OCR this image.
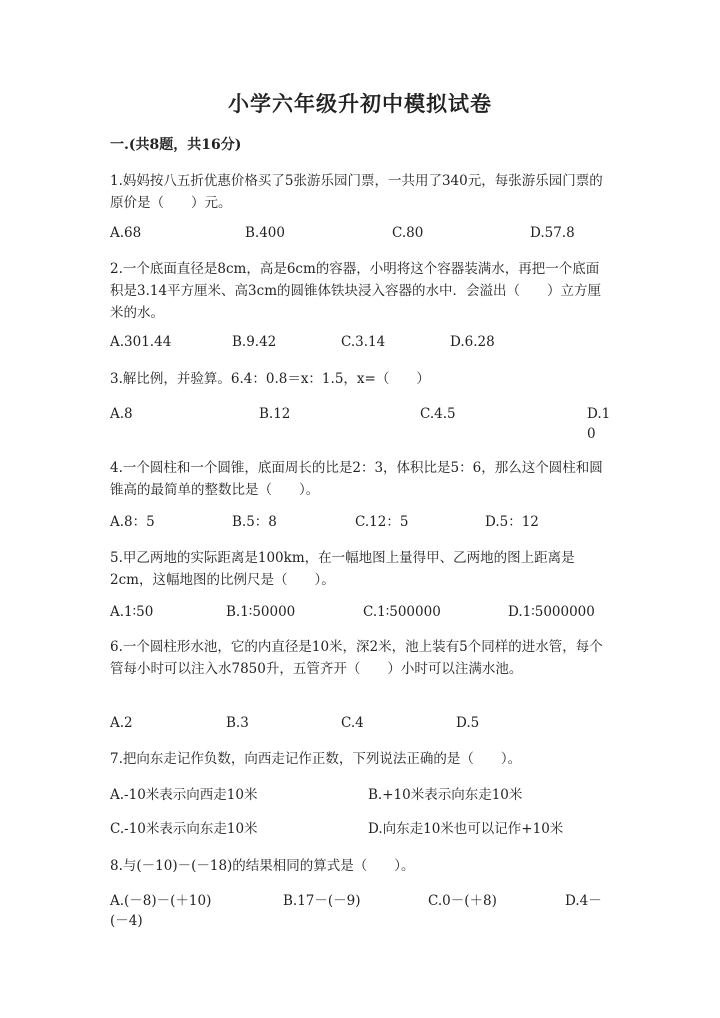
小学六年级升初中模拟试卷
一.(共8题，共16分)
1.妈妈按八五折优惠价格买了5张游乐园门票，一共用了340元，每张游乐园门票的原价是（　　）元。
A.68	B.400	C.80	D.57.8
2.一个底面直径是8cm，高是6cm的容器，小明将这个容器装满水，再把一个底面积是3.14平方厘米、高3cm的圆锥体铁块浸入容器的水中．会溢出（　　）立方厘米的水。
A.301.44	B.9.42	C.3.14	D.6.28
3.解比例，并验算。6.4：0.8＝x：1.5，x=（　　）
A.8	B.12	C.4.5	D.10
4.一个圆柱和一个圆锥，底面周长的比是2：3，体积比是5：6，那么这个圆柱和圆锥高的最简单的整数比是（　　）。
A.8：5	B.5：8	C.12：5	D.5：12
5.甲乙两地的实际距离是100km，在一幅地图上量得甲、乙两地的图上距离是2cm，这幅地图的比例尺是（　　）。
A.1∶50	B.1∶50000	C.1∶500000	D.1∶5000000
6.一个圆柱形水池，它的内直径是10米，深2米，池上装有5个同样的进水管，每个管每小时可以注入水7850升，五管齐开（　　）小时可以注满水池。
A.2	B.3	C.4	D.5
7.把向东走记作负数，向西走记作正数，下列说法正确的是（　　）。
A.-10米表示向西走10米	B.+10米表示向东走10米
C.-10米表示向东走10米	D.向东走10米也可以记作+10米
8.与(－10)－(－18)的结果相同的算式是（　　）。
A.(－8)－(＋10)	B.17－(－9)	C.0－(＋8)	D.4－(－4)
